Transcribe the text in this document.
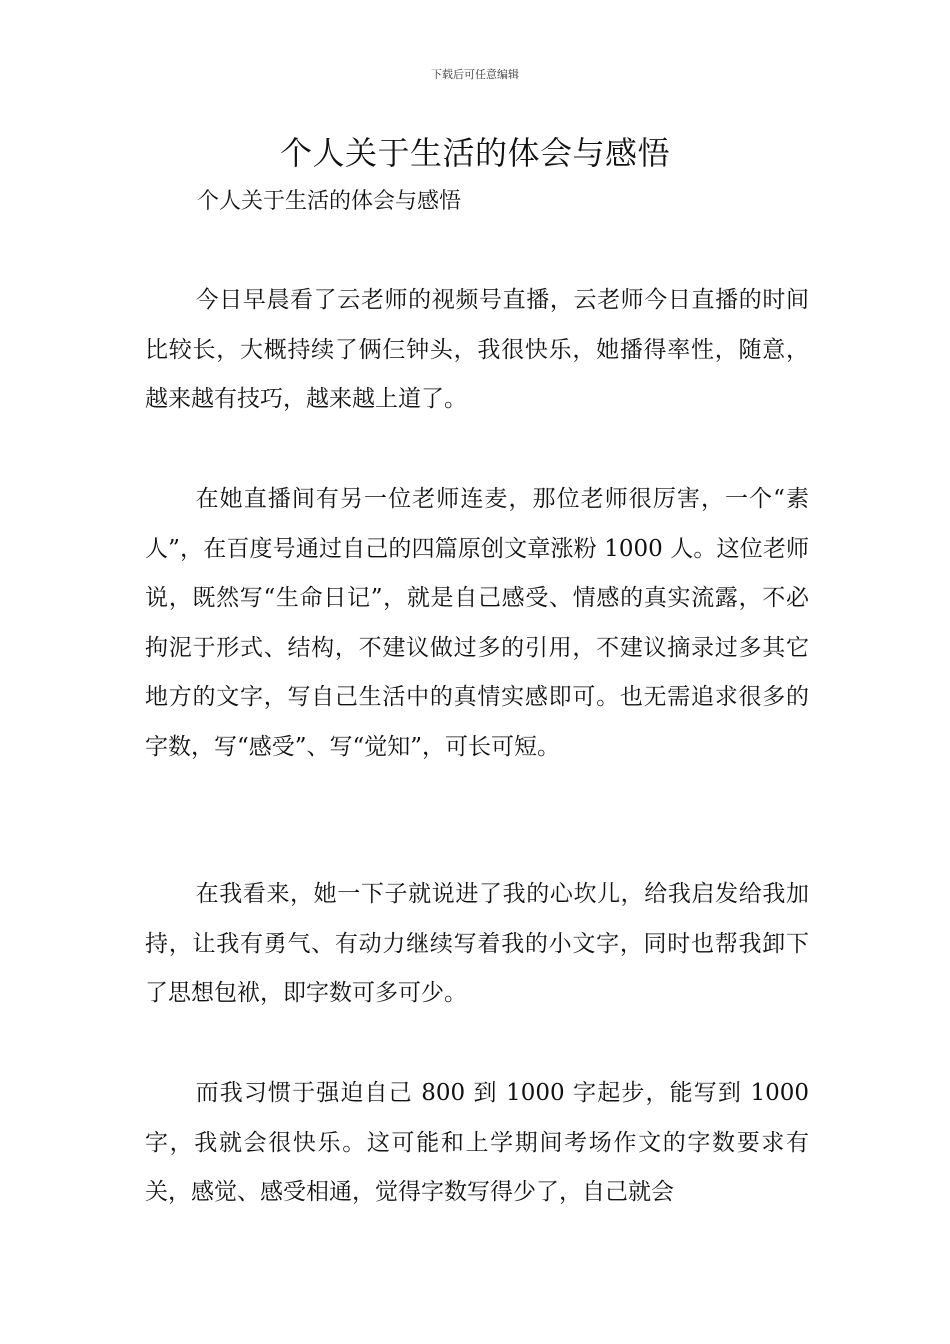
下载后可任意编辑
个人关于生活的体会与感悟

个人关于生活的体会与感悟

今日早晨看了云老师的视频号直播，云老师今日直播的时间比较长，大概持续了俩仨钟头，我很快乐，她播得率性，随意，越来越有技巧，越来越上道了。

在她直播间有另一位老师连麦，那位老师很厉害，一个“素人”，在百度号通过自己的四篇原创文章涨粉 1000 人。这位老师说，既然写“生命日记”，就是自己感受、情感的真实流露，不必拘泥于形式、结构，不建议做过多的引用，不建议摘录过多其它地方的文字，写自己生活中的真情实感即可。也无需追求很多的字数，写“感受”、写“觉知”，可长可短。

在我看来，她一下子就说进了我的心坎儿，给我启发给我加持，让我有勇气、有动力继续写着我的小文字，同时也帮我卸下了思想包袱，即字数可多可少。

而我习惯于强迫自己 800 到 1000 字起步，能写到 1000 字，我就会很快乐。这可能和上学期间考场作文的字数要求有关，感觉、感受相通，觉得字数写得少了，自己就会
